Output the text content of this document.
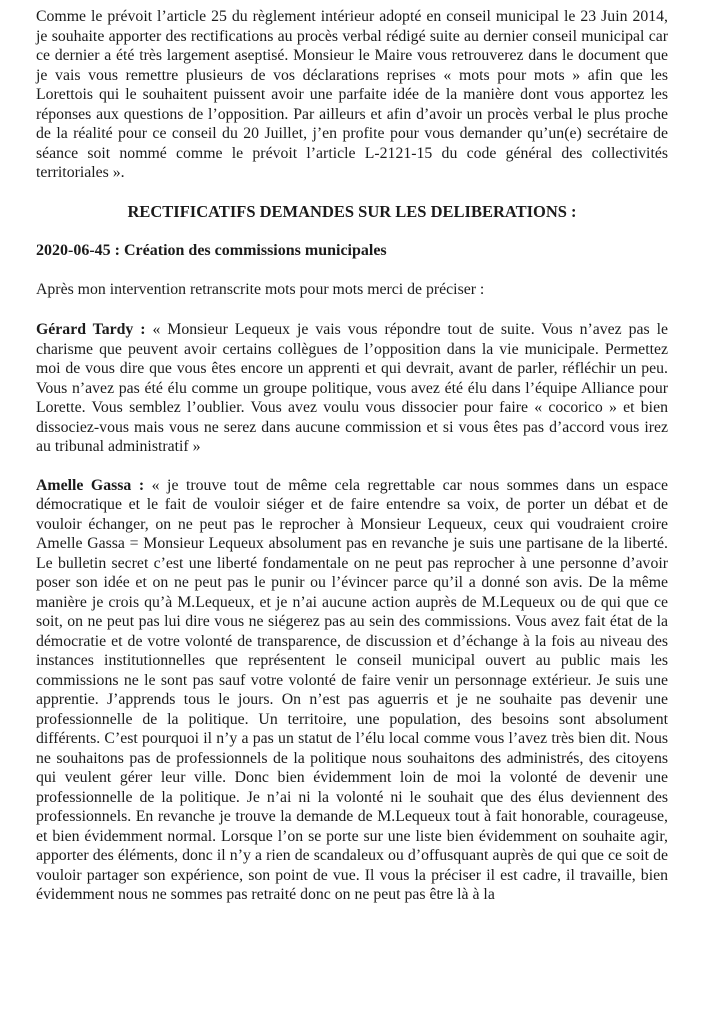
Comme le prévoit l’article 25 du règlement intérieur adopté en conseil municipal le 23 Juin 2014, je souhaite apporter des rectifications au procès verbal rédigé suite au dernier conseil municipal car ce dernier a été très largement aseptisé. Monsieur le Maire vous retrouverez dans le document que je vais vous remettre plusieurs de vos déclarations reprises « mots pour mots » afin que les Lorettois qui le souhaitent puissent avoir une parfaite idée de la manière dont vous apportez les réponses aux questions de l’opposition. Par ailleurs et afin d’avoir un procès verbal le plus proche de la réalité pour ce conseil du 20 Juillet, j’en profite pour vous demander qu’un(e) secrétaire de séance soit nommé comme le prévoit l’article L-2121-15 du code général des collectivités territoriales ».

RECTIFICATIFS DEMANDES SUR LES DELIBERATIONS :
2020-06-45 : Création des commissions municipales

Après mon intervention retranscrite mots pour mots merci de préciser :

Gérard Tardy : « Monsieur Lequeux je vais vous répondre tout de suite. Vous n’avez pas le charisme que peuvent avoir certains collègues de l’opposition dans la vie municipale. Permettez moi de vous dire que vous êtes encore un apprenti et qui devrait, avant de parler, réfléchir un peu. Vous n’avez pas été élu comme un groupe politique, vous avez été élu dans l’équipe Alliance pour Lorette. Vous semblez l’oublier. Vous avez voulu vous dissocier pour faire « cocorico » et bien dissociez-vous mais vous ne serez dans aucune commission et si vous êtes pas d’accord vous irez au tribunal administratif »

Amelle Gassa : « je trouve tout de même cela regrettable car nous sommes dans un espace démocratique et le fait de vouloir siéger et de faire entendre sa voix, de porter un débat et de vouloir échanger, on ne peut pas le reprocher à Monsieur Lequeux, ceux qui voudraient croire Amelle Gassa = Monsieur Lequeux absolument pas en revanche je suis une partisane de la liberté. Le bulletin secret c’est une liberté fondamentale on ne peut pas reprocher à une personne d’avoir poser son idée et on ne peut pas le punir ou l’évincer parce qu’il a donné son avis. De la même manière je crois qu’à M.Lequeux, et je n’ai aucune action auprès de M.Lequeux ou de qui que ce soit, on ne peut pas lui dire vous ne siégerez pas au sein des commissions. Vous avez fait état de la démocratie et de votre volonté de transparence, de discussion et d’échange à la fois au niveau des instances institutionnelles que représentent le conseil municipal ouvert au public mais les commissions ne le sont pas sauf votre volonté de faire venir un personnage extérieur. Je suis une apprentie. J’apprends tous le jours. On n’est pas aguerris et je ne souhaite pas devenir une professionnelle de la politique. Un territoire, une population, des besoins sont absolument différents. C’est pourquoi il n’y a pas un statut de l’élu local comme vous l’avez très bien dit. Nous ne souhaitons pas de professionnels de la politique nous souhaitons des administrés, des citoyens qui veulent gérer leur ville. Donc bien évidemment loin de moi la volonté de devenir une professionnelle de la politique. Je n’ai ni la volonté ni le souhait que des élus deviennent des professionnels. En revanche je trouve la demande de M.Lequeux tout à fait honorable, courageuse, et bien évidemment normal. Lorsque l’on se porte sur une liste bien évidemment on souhaite agir, apporter des éléments, donc il n’y a rien de scandaleux ou d’offusquant auprès de qui que ce soit de vouloir partager son expérience, son point de vue. Il vous la préciser il est cadre, il travaille, bien évidemment nous ne sommes pas retraité donc on ne peut pas être là à la
